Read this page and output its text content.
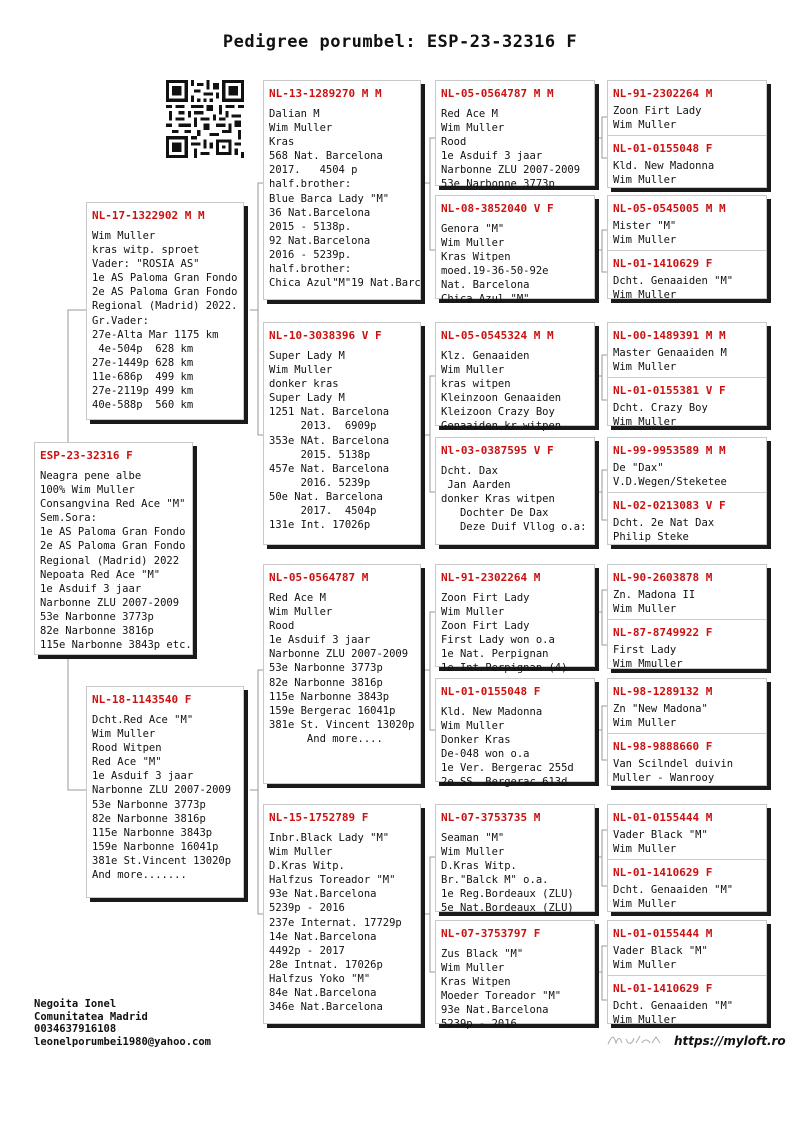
Pedigree porumbel: ESP-23-32316 F
ESP-23-32316 F
Neagra pene albe
100% Wim Muller
Consangvina Red Ace "M"
Sem.Sora:
1e AS Paloma Gran Fondo
2e AS Paloma Gran Fondo
Regional (Madrid) 2022
Nepoata Red Ace "M"
1e Asduif 3 jaar
Narbonne ZLU 2007-2009
53e Narbonne 3773p
82e Narbonne 3816p
115e Narbonne 3843p etc.
NL-17-1322902 M M
Wim Muller
kras witp. sproet
Vader: "ROSIA AS"
1e AS Paloma Gran Fondo
2e AS Paloma Gran Fondo
Regional (Madrid) 2022.
Gr.Vader:
27e-Alta Mar 1175 km
4e-504p  628 km
27e-1449p 628 km
11e-686p  499 km
27e-2119p 499 km
40e-588p  560 km
NL-18-1143540 F
Dcht.Red Ace "M"
Wim Muller
Rood Witpen
Red Ace "M"
1e Asduif 3 jaar
Narbonne ZLU 2007-2009
53e Narbonne 3773p
82e Narbonne 3816p
115e Narbonne 3843p
159e Narbonne 16041p
381e St.Vincent 13020p
And more.......
NL-13-1289270 M M
Dalian M
Wim Muller
Kras
568 Nat. Barcelona
2017.   4504 p
half.brother:
Blue Barca Lady "M"
36 Nat.Barcelona
2015 - 5138p.
92 Nat.Barcelona
2016 - 5239p.
half.brother:
Chica Azul"M"19 Nat.Barc
NL-10-3038396 V F
Super Lady M
Wim Muller
donker kras
Super Lady M
1251 Nat. Barcelona
2013.  6909p
353e NAt. Barcelona
2015. 5138p
457e Nat. Barcelona
2016. 5239p
50e Nat. Barcelona
2017.  4504p
131e Int. 17026p
NL-05-0564787 M
Red Ace M
Wim Muller
Rood
1e Asduif 3 jaar
Narbonne ZLU 2007-2009
53e Narbonne 3773p
82e Narbonne 3816p
115e Narbonne 3843p
159e Bergerac 16041p
381e St. Vincent 13020p
And more....
NL-15-1752789 F
Inbr.Black Lady "M"
Wim Muller
D.Kras Witp.
Halfzus Toreador "M"
93e Nat.Barcelona
5239p - 2016
237e Internat. 17729p
14e Nat.Barcelona
4492p - 2017
28e Intnat. 17026p
Halfzus Yoko "M"
84e Nat.Barcelona
346e Nat.Barcelona
NL-05-0564787 M M
Red Ace M
Wim Muller
Rood
1e Asduif 3 jaar
Narbonne ZLU 2007-2009
53e Narbonne 3773p
NL-08-3852040 V F
Genora "M"
Wim Muller
Kras Witpen
moed.19-36-50-92e
Nat. Barcelona
Chica Azul "M"
NL-05-0545324 M M
Klz. Genaaiden
Wim Muller
kras witpen
Kleinzoon Genaaiden
Kleizoon Crazy Boy
Genaaiden kr witpen
Nl-03-0387595 V F
Dcht. Dax
Jan Aarden
donker Kras witpen
Dochter De Dax
Deze Duif Vllog o.a:
NL-91-2302264 M
Zoon Firt Lady
Wim Muller
Zoon Firt Lady
First Lady won o.a
1e Nat. Perpignan
1e Int.Perpignan (4)
NL-01-0155048 F
Kld. New Madonna
Wim Muller
Donker Kras
De-048 won o.a
1e Ver. Bergerac 255d
2e SS. Bergerac 613d
NL-07-3753735 M
Seaman "M"
Wim Muller
D.Kras Witp.
Br."Balck M" o.a.
1e Reg.Bordeaux (ZLU)
5e Nat.Bordeaux (ZLU)
NL-07-3753797 F
Zus Black "M"
Wim Muller
Kras Witpen
Moeder Toreador "M"
93e Nat.Barcelona
5239p - 2016
NL-91-2302264 M
Zoon Firt Lady
Wim Muller
NL-01-0155048 F
Kld. New Madonna
Wim Muller
NL-05-0545005 M M
Mister "M"
Wim Muller
NL-01-1410629 F
Dcht. Genaaiden "M"
Wim Muller
NL-00-1489391 M M
Master Genaaiden M
Wim Muller
NL-01-0155381 V F
Dcht. Crazy Boy
Wim Muller
NL-99-9953589 M M
De "Dax"
V.D.Wegen/Steketee
NL-02-0213083 V F
Dcht. 2e Nat Dax
Philip Steke
NL-90-2603878 M
Zn. Madona II
Wim Muller
NL-87-8749922 F
First Lady
Wim Mmuller
NL-98-1289132 M
Zn "New Madona"
Wim Muller
NL-98-9888660 F
Van Scilndel duivin
Muller - Wanrooy
NL-01-0155444 M
Vader Black "M"
Wim Muller
NL-01-1410629 F
Dcht. Genaaiden "M"
Wim Muller
NL-01-0155444 M
Vader Black "M"
Wim Muller
NL-01-1410629 F
Dcht. Genaaiden "M"
Wim Muller
Negoita Ionel
Comunitatea Madrid
0034637916108
leonelporumbei1980@yahoo.com	https://myloft.ro
